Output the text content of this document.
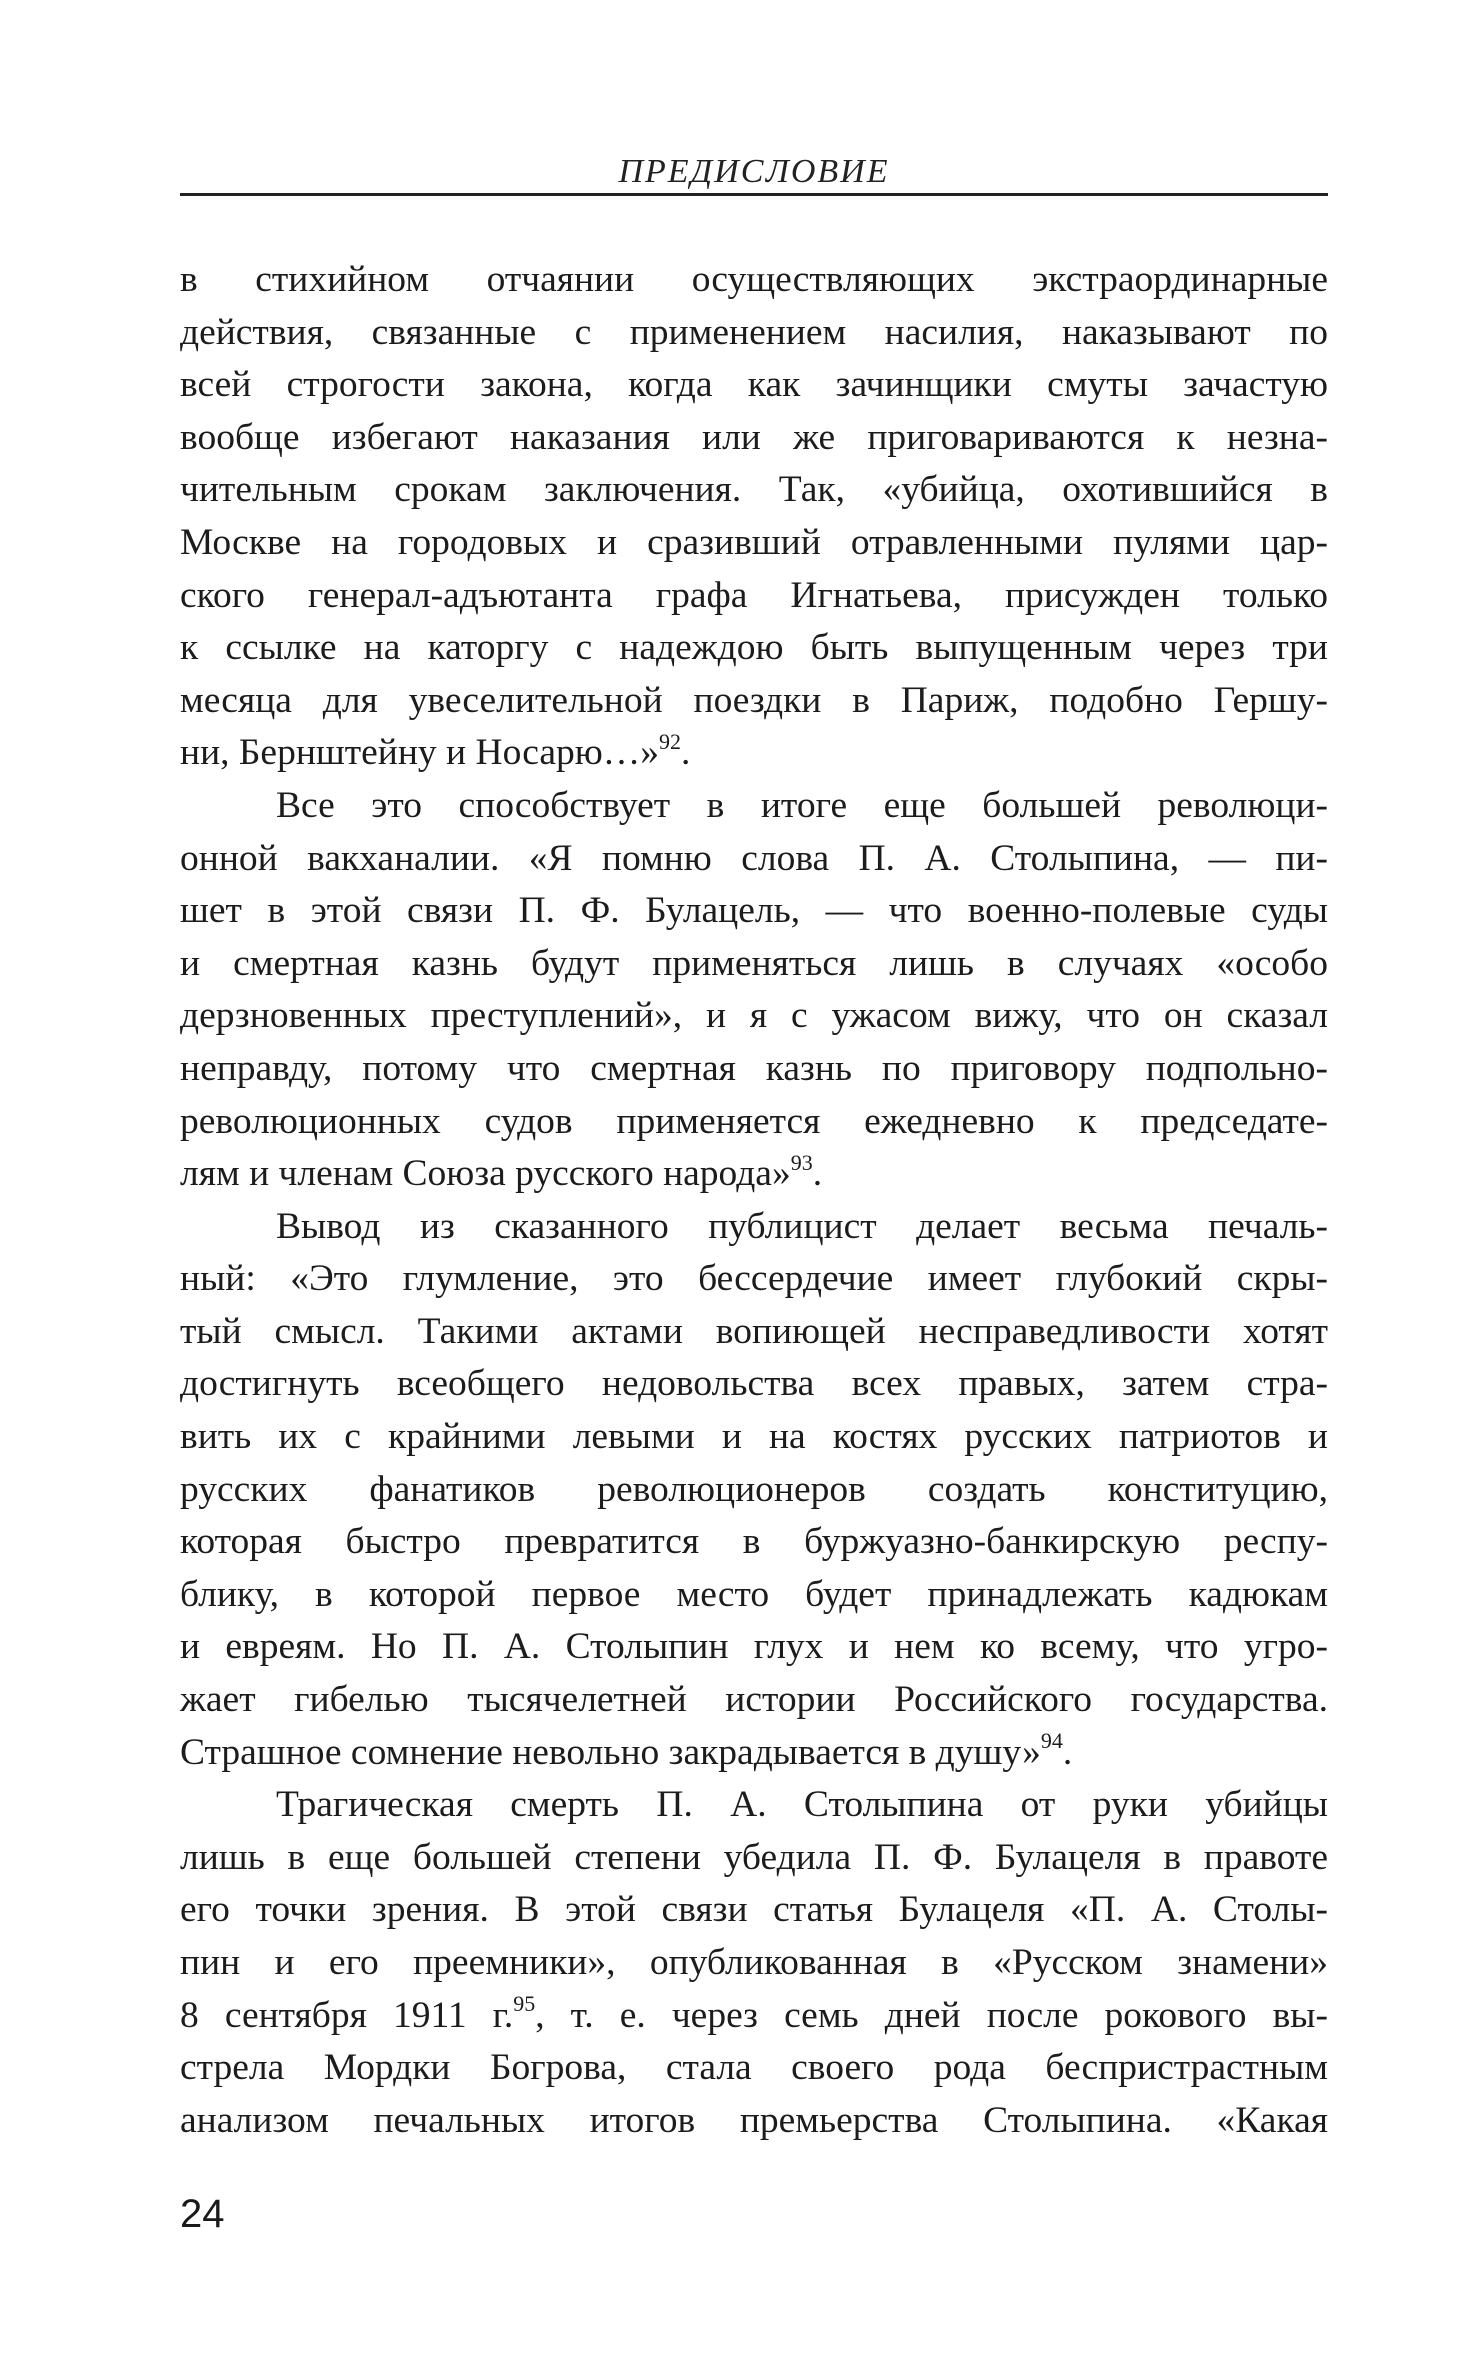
ПРЕДИСЛОВИЕ
в стихийном отчаянии осуществляющих экстраординарные
действия, связанные с применением насилия, наказывают по
всей строгости закона, когда как зачинщики смуты зачастую
вообще избегают наказания или же приговариваются к незна-
чительным срокам заключения. Так, «убийца, охотившийся в
Москве на городовых и сразивший отравленными пулями цар-
ского генерал-адъютанта графа Игнатьева, присужден только
к ссылке на каторгу с надеждою быть выпущенным через три
месяца для увеселительной поездки в Париж, подобно Гершу-
ни, Бернштейну и Носарю…»$^{92}$.
Все это способствует в итоге еще большей революци-
онной вакханалии. «Я помню слова П. А. Столыпина, — пи-
шет в этой связи П. Ф. Булацель, — что военно-полевые суды
и смертная казнь будут применяться лишь в случаях «особо
дерзновенных преступлений», и я с ужасом вижу, что он сказал
неправду, потому что смертная казнь по приговору подпольно-
революционных судов применяется ежедневно к председате-
лям и членам Союза русского народа»$^{93}$.
Вывод из сказанного публицист делает весьма печаль-
ный: «Это глумление, это бессердечие имеет глубокий скры-
тый смысл. Такими актами вопиющей несправедливости хотят
достигнуть всеобщего недовольства всех правых, затем стра-
вить их с крайними левыми и на костях русских патриотов и
русских фанатиков революционеров создать конституцию,
которая быстро превратится в буржуазно-банкирскую респу-
блику, в которой первое место будет принадлежать кадюкам
и евреям. Но П. А. Столыпин глух и нем ко всему, что угро-
жает гибелью тысячелетней истории Российского государства.
Страшное сомнение невольно закрадывается в душу»$^{94}$.
Трагическая смерть П. А. Столыпина от руки убийцы
лишь в еще большей степени убедила П. Ф. Булацеля в правоте
его точки зрения. В этой связи статья Булацеля «П. А. Столы-
пин и его преемники», опубликованная в «Русском знамени»
8 сентября 1911 г.$^{95}$, т. е. через семь дней после рокового вы-
стрела Мордки Богрова, стала своего рода беспристрастным
анализом печальных итогов премьерства Столыпина. «Какая
24
